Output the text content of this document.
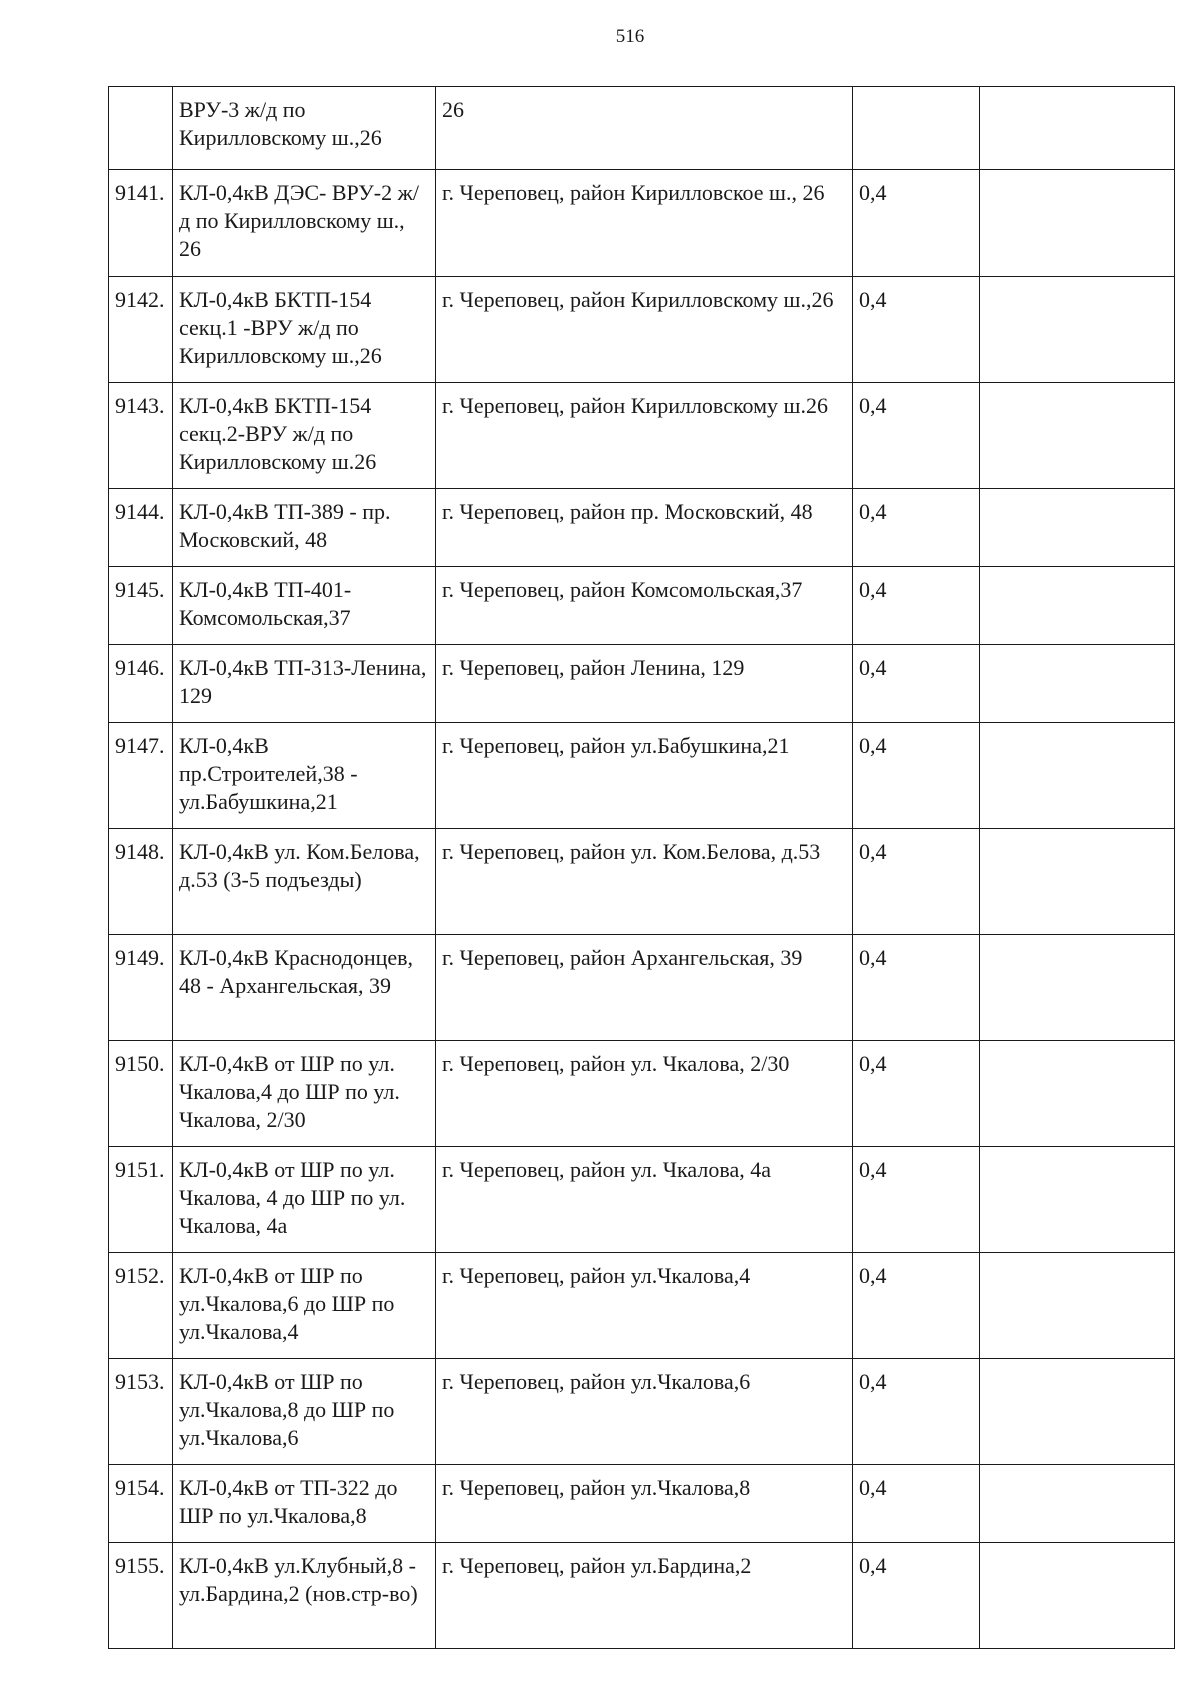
516
	ВРУ-3 ж/д по Кирилловскому ш.,26	26		
9141.	КЛ-0,4кВ ДЭС- ВРУ-2 ж/д по Кирилловскому ш., 26	г. Череповец, район Кирилловское ш., 26	0,4	
9142.	КЛ-0,4кВ БКТП-154 секц.1 -ВРУ ж/д по Кирилловскому ш.,26	г. Череповец, район Кирилловскому ш.,26	0,4	
9143.	КЛ-0,4кВ БКТП-154 секц.2-ВРУ ж/д по Кирилловскому ш.26	г. Череповец, район Кирилловскому ш.26	0,4	
9144.	КЛ-0,4кВ ТП-389 - пр. Московский, 48	г. Череповец, район пр. Московский, 48	0,4	
9145.	КЛ-0,4кВ ТП-401-Комсомольская,37	г. Череповец, район Комсомольская,37	0,4	
9146.	КЛ-0,4кВ ТП-313-Ленина, 129	г. Череповец, район Ленина, 129	0,4	
9147.	КЛ-0,4кВ пр.Строителей,38 - ул.Бабушкина,21	г. Череповец, район ул.Бабушкина,21	0,4	
9148.	КЛ-0,4кВ ул. Ком.Белова, д.53 (3-5 подъезды)	г. Череповец, район ул. Ком.Белова, д.53	0,4	
9149.	КЛ-0,4кВ Краснодонцев, 48 - Архангельская, 39	г. Череповец, район Архангельская, 39	0,4	
9150.	КЛ-0,4кВ от ШР по ул. Чкалова,4 до ШР по ул. Чкалова, 2/30	г. Череповец, район ул. Чкалова, 2/30	0,4	
9151.	КЛ-0,4кВ от ШР по ул. Чкалова, 4 до ШР по ул. Чкалова, 4а	г. Череповец, район ул. Чкалова, 4а	0,4	
9152.	КЛ-0,4кВ от ШР по ул.Чкалова,6 до ШР по ул.Чкалова,4	г. Череповец, район ул.Чкалова,4	0,4	
9153.	КЛ-0,4кВ от ШР по ул.Чкалова,8 до ШР по ул.Чкалова,6	г. Череповец, район ул.Чкалова,6	0,4	
9154.	КЛ-0,4кВ от ТП-322 до ШР по ул.Чкалова,8	г. Череповец, район ул.Чкалова,8	0,4	
9155.	КЛ-0,4кВ ул.Клубный,8 - ул.Бардина,2 (нов.стр-во)	г. Череповец, район ул.Бардина,2	0,4	
